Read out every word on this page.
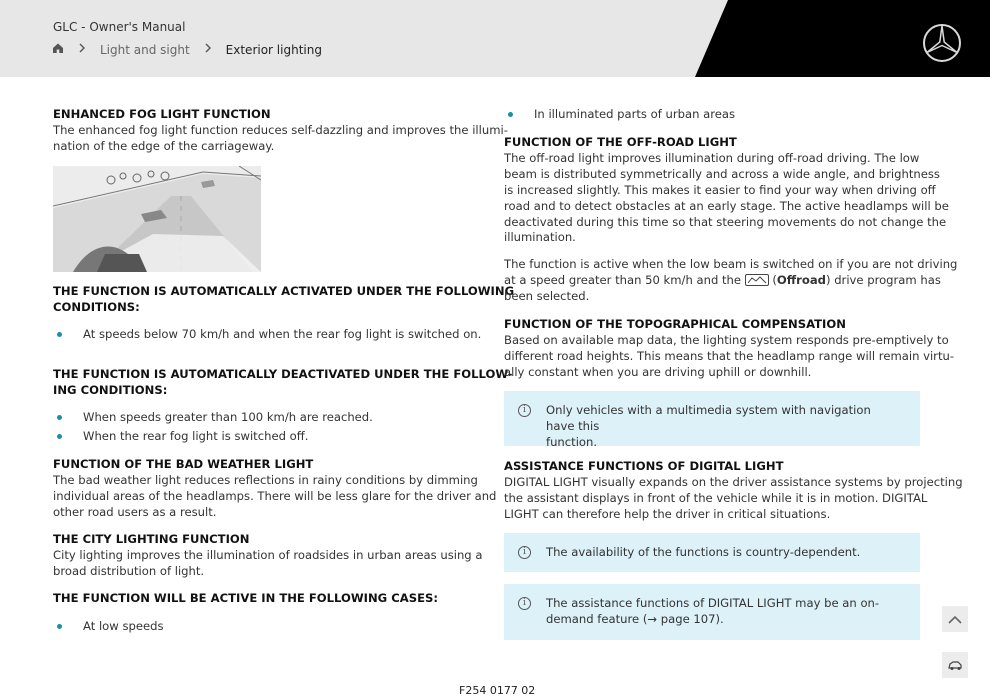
GLC - Owner's Manual
Light and sight	Exterior lighting
ENHANCED FOG LIGHT FUNCTION
The enhanced fog light function reduces self-dazzling and improves the illumi-
nation of the edge of the carriageway.
THE FUNCTION IS AUTOMATICALLY ACTIVATED UNDER THE FOLLOWING
CONDITIONS:
At speeds below 70 km/h and when the rear fog light is switched on.
THE FUNCTION IS AUTOMATICALLY DEACTIVATED UNDER THE FOLLOW-
ING CONDITIONS:
When speeds greater than 100 km/h are reached.
When the rear fog light is switched off.
FUNCTION OF THE BAD WEATHER LIGHT
The bad weather light reduces reflections in rainy conditions by dimming
individual areas of the headlamps. There will be less glare for the driver and
other road users as a result.
THE CITY LIGHTING FUNCTION
City lighting improves the illumination of roadsides in urban areas using a
broad distribution of light.
THE FUNCTION WILL BE ACTIVE IN THE FOLLOWING CASES:
At low speeds
In illuminated parts of urban areas
FUNCTION OF THE OFF-ROAD LIGHT
The off-road light improves illumination during off-road driving. The low
beam is distributed symmetrically and across a wide angle, and brightness
is increased slightly. This makes it easier to find your way when driving off
road and to detect obstacles at an early stage. The active headlamps will be
deactivated during this time so that steering movements do not change the
illumination.
The function is active when the low beam is switched on if you are not driving
at a speed greater than 50 km/h and the	(Offroad) drive program has
been selected.
FUNCTION OF THE TOPOGRAPHICAL COMPENSATION
Based on available map data, the lighting system responds pre-emptively to
different road heights. This means that the headlamp range will remain virtu-
ally constant when you are driving uphill or downhill.
i	Only vehicles with a multimedia system with navigation have this
function.
ASSISTANCE FUNCTIONS OF DIGITAL LIGHT
DIGITAL LIGHT visually expands on the driver assistance systems by projecting
the assistant displays in front of the vehicle while it is in motion. DIGITAL
LIGHT can therefore help the driver in critical situations.
i	The availability of the functions is country-dependent.
i	The assistance functions of DIGITAL LIGHT may be an on-
demand feature (→ page 107).
F254 0177 02
